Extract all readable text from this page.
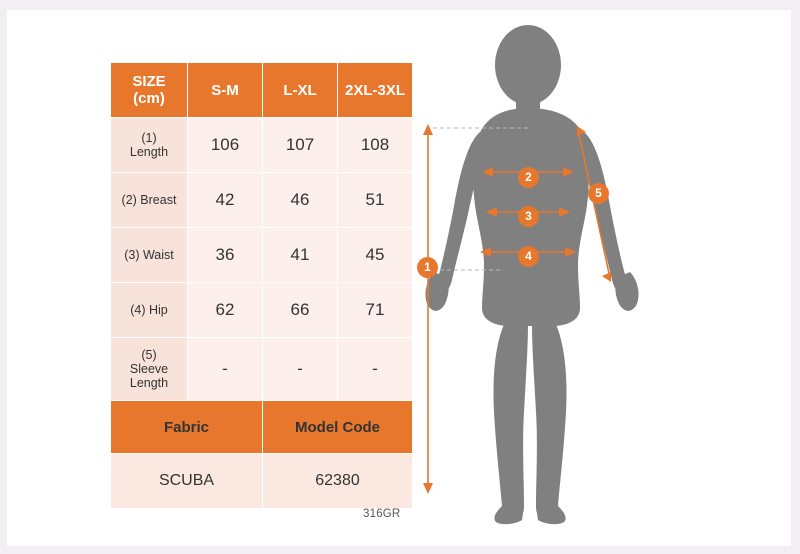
SIZE
(cm)	S-M	L-XL	2XL-3XL
(1)
Length	106	107	108
(2) Breast	42	46	51
(3) Waist	36	41	45
(4) Hip	62	66	71
(5)
Sleeve
Length	-	-	-
Fabric		Model Code	
SCUBA		62380	
316GR
1
2
3
4
5
